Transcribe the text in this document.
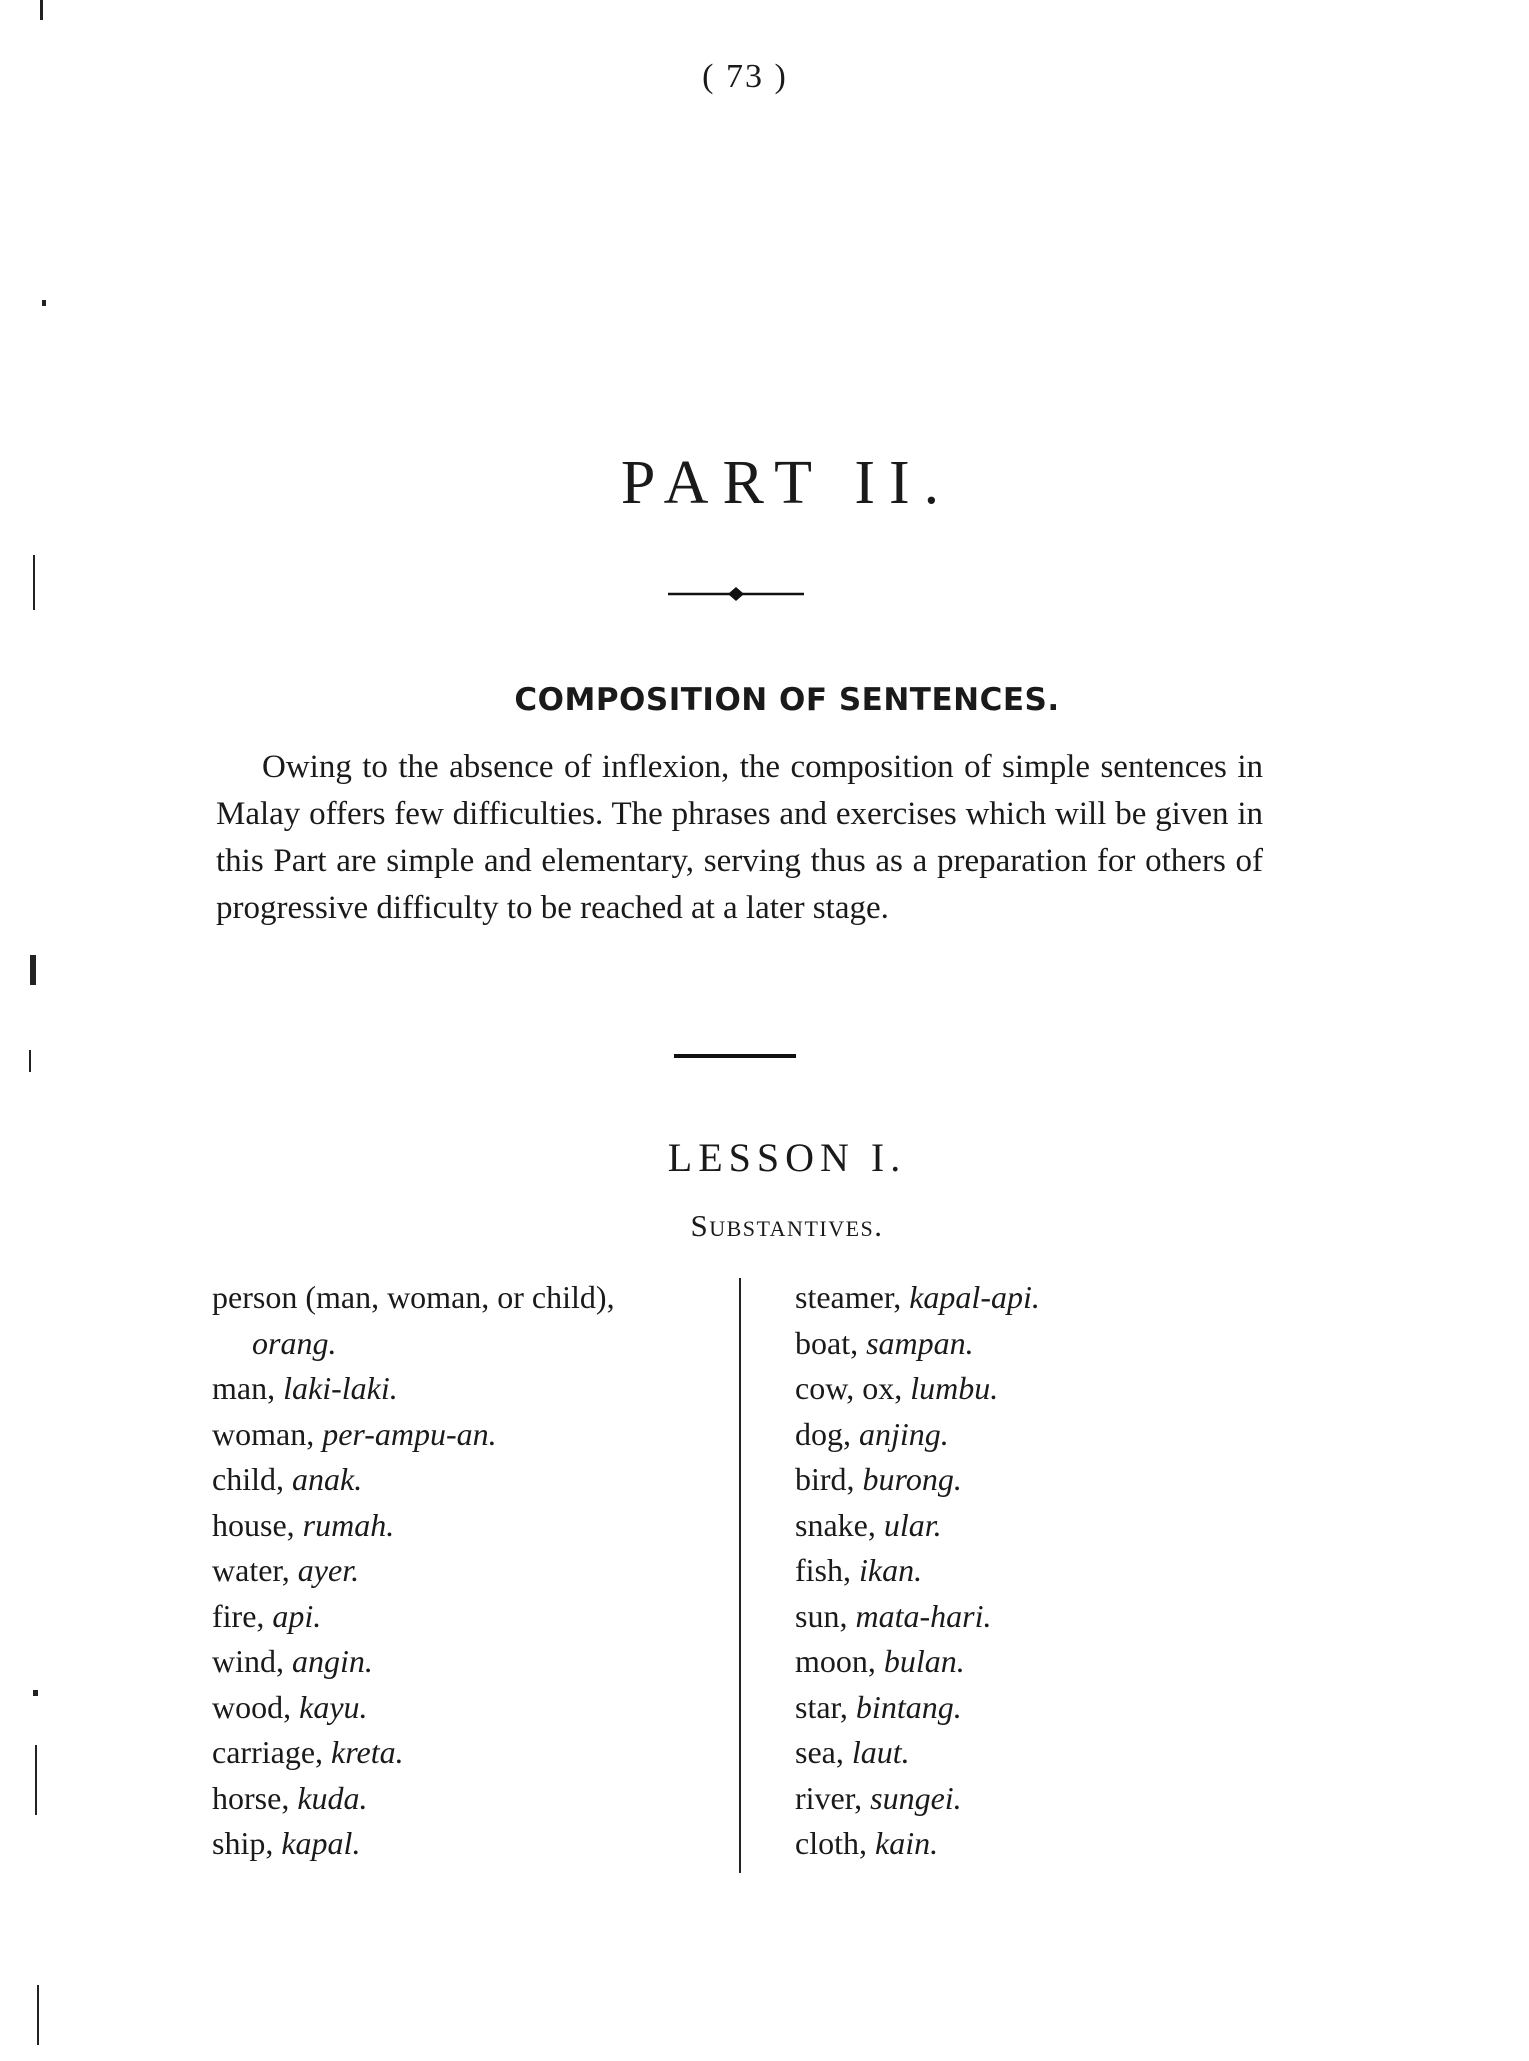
( 73 )
PART II.
COMPOSITION OF SENTENCES.

Owing to the absence of inflexion, the composition of simple sentences in Malay offers few difficulties. The phrases and exercises which will be given in this Part are simple and elementary, serving thus as a preparation for others of progressive difficulty to be reached at a later stage.

LESSON I.
Substantives.
person (man, woman, or child),
orang.
man, laki-laki.
woman, per-ampu-an.
child, anak.
house, rumah.
water, ayer.
fire, api.
wind, angin.
wood, kayu.
carriage, kreta.
horse, kuda.
ship, kapal.
steamer, kapal-api.
boat, sampan.
cow, ox, lumbu.
dog, anjing.
bird, burong.
snake, ular.
fish, ikan.
sun, mata-hari.
moon, bulan.
star, bintang.
sea, laut.
river, sungei.
cloth, kain.
